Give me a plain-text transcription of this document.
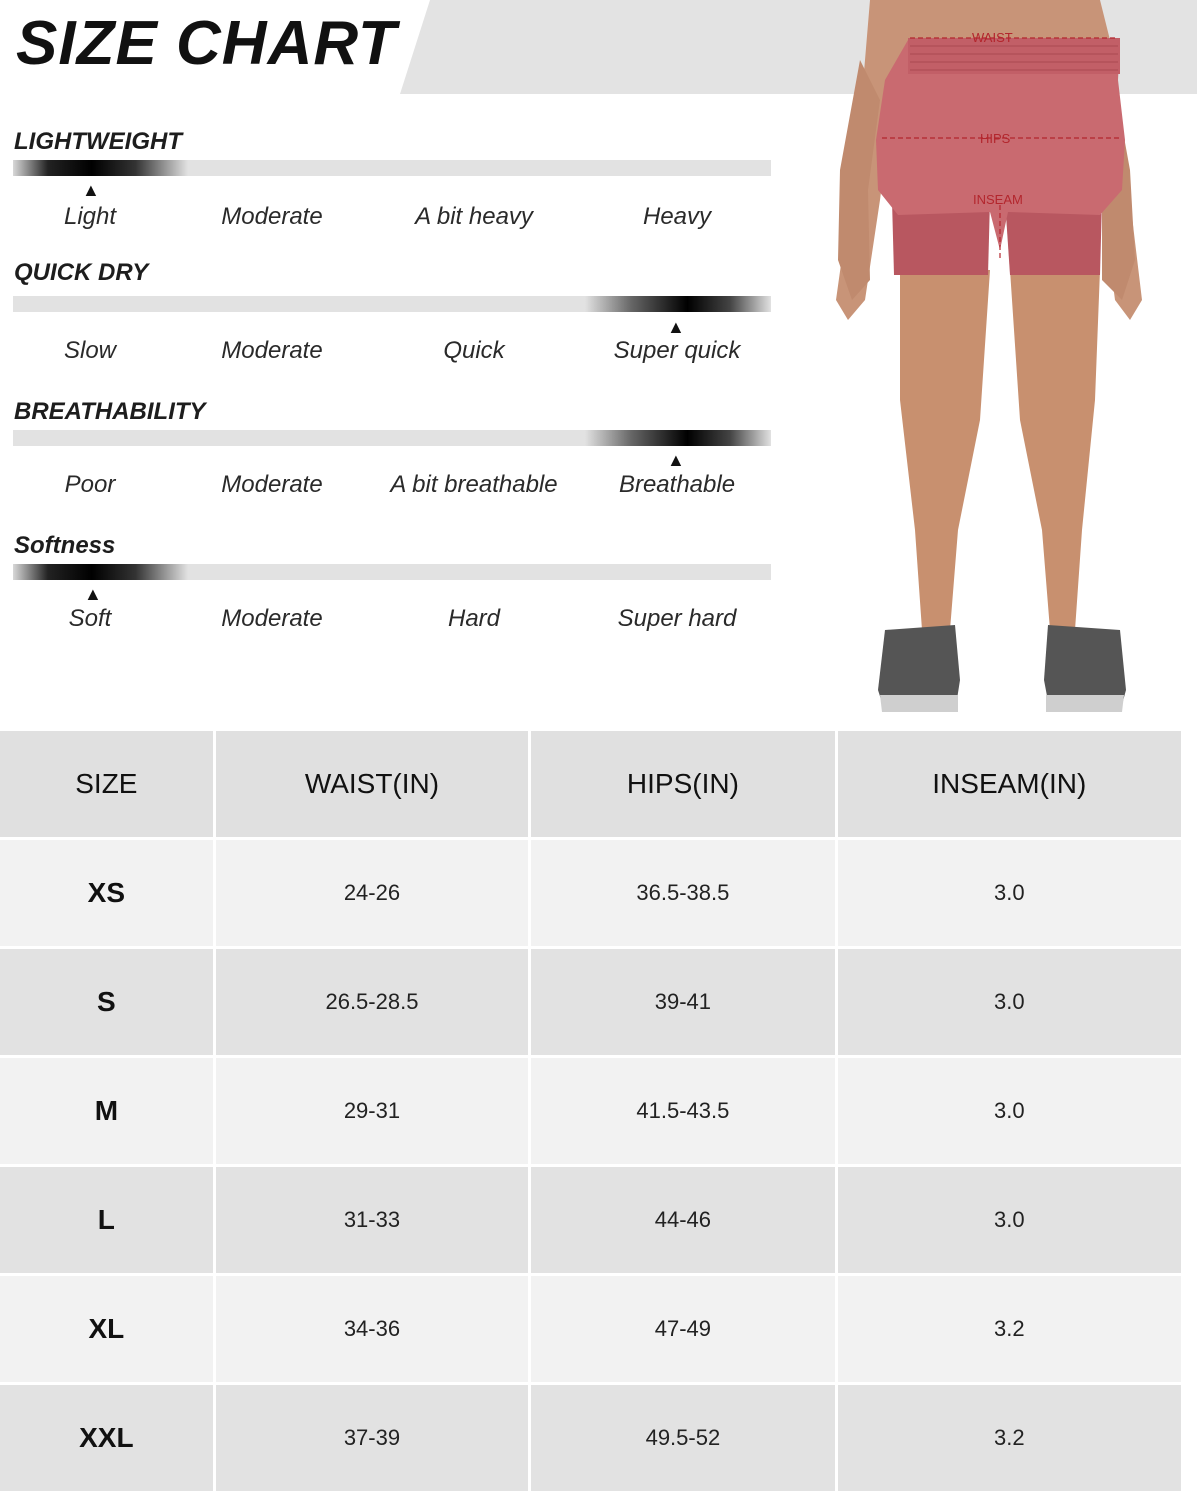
SIZE CHART
LIGHTWEIGHT
▲
Light	Moderate	A bit heavy	Heavy
QUICK DRY
▲
Slow	Moderate	Quick	Super quick
BREATHABILITY
▲
Poor	Moderate	A bit breathable	Breathable
Softness
▲
Soft	Moderate	Hard	Super hard
WAIST
HIPS
INSEAM
SIZE	WAIST(IN)	HIPS(IN)	INSEAM(IN)
XS	24-26	36.5-38.5	3.0
S	26.5-28.5	39-41	3.0
M	29-31	41.5-43.5	3.0
L	31-33	44-46	3.0
XL	34-36	47-49	3.2
XXL	37-39	49.5-52	3.2
